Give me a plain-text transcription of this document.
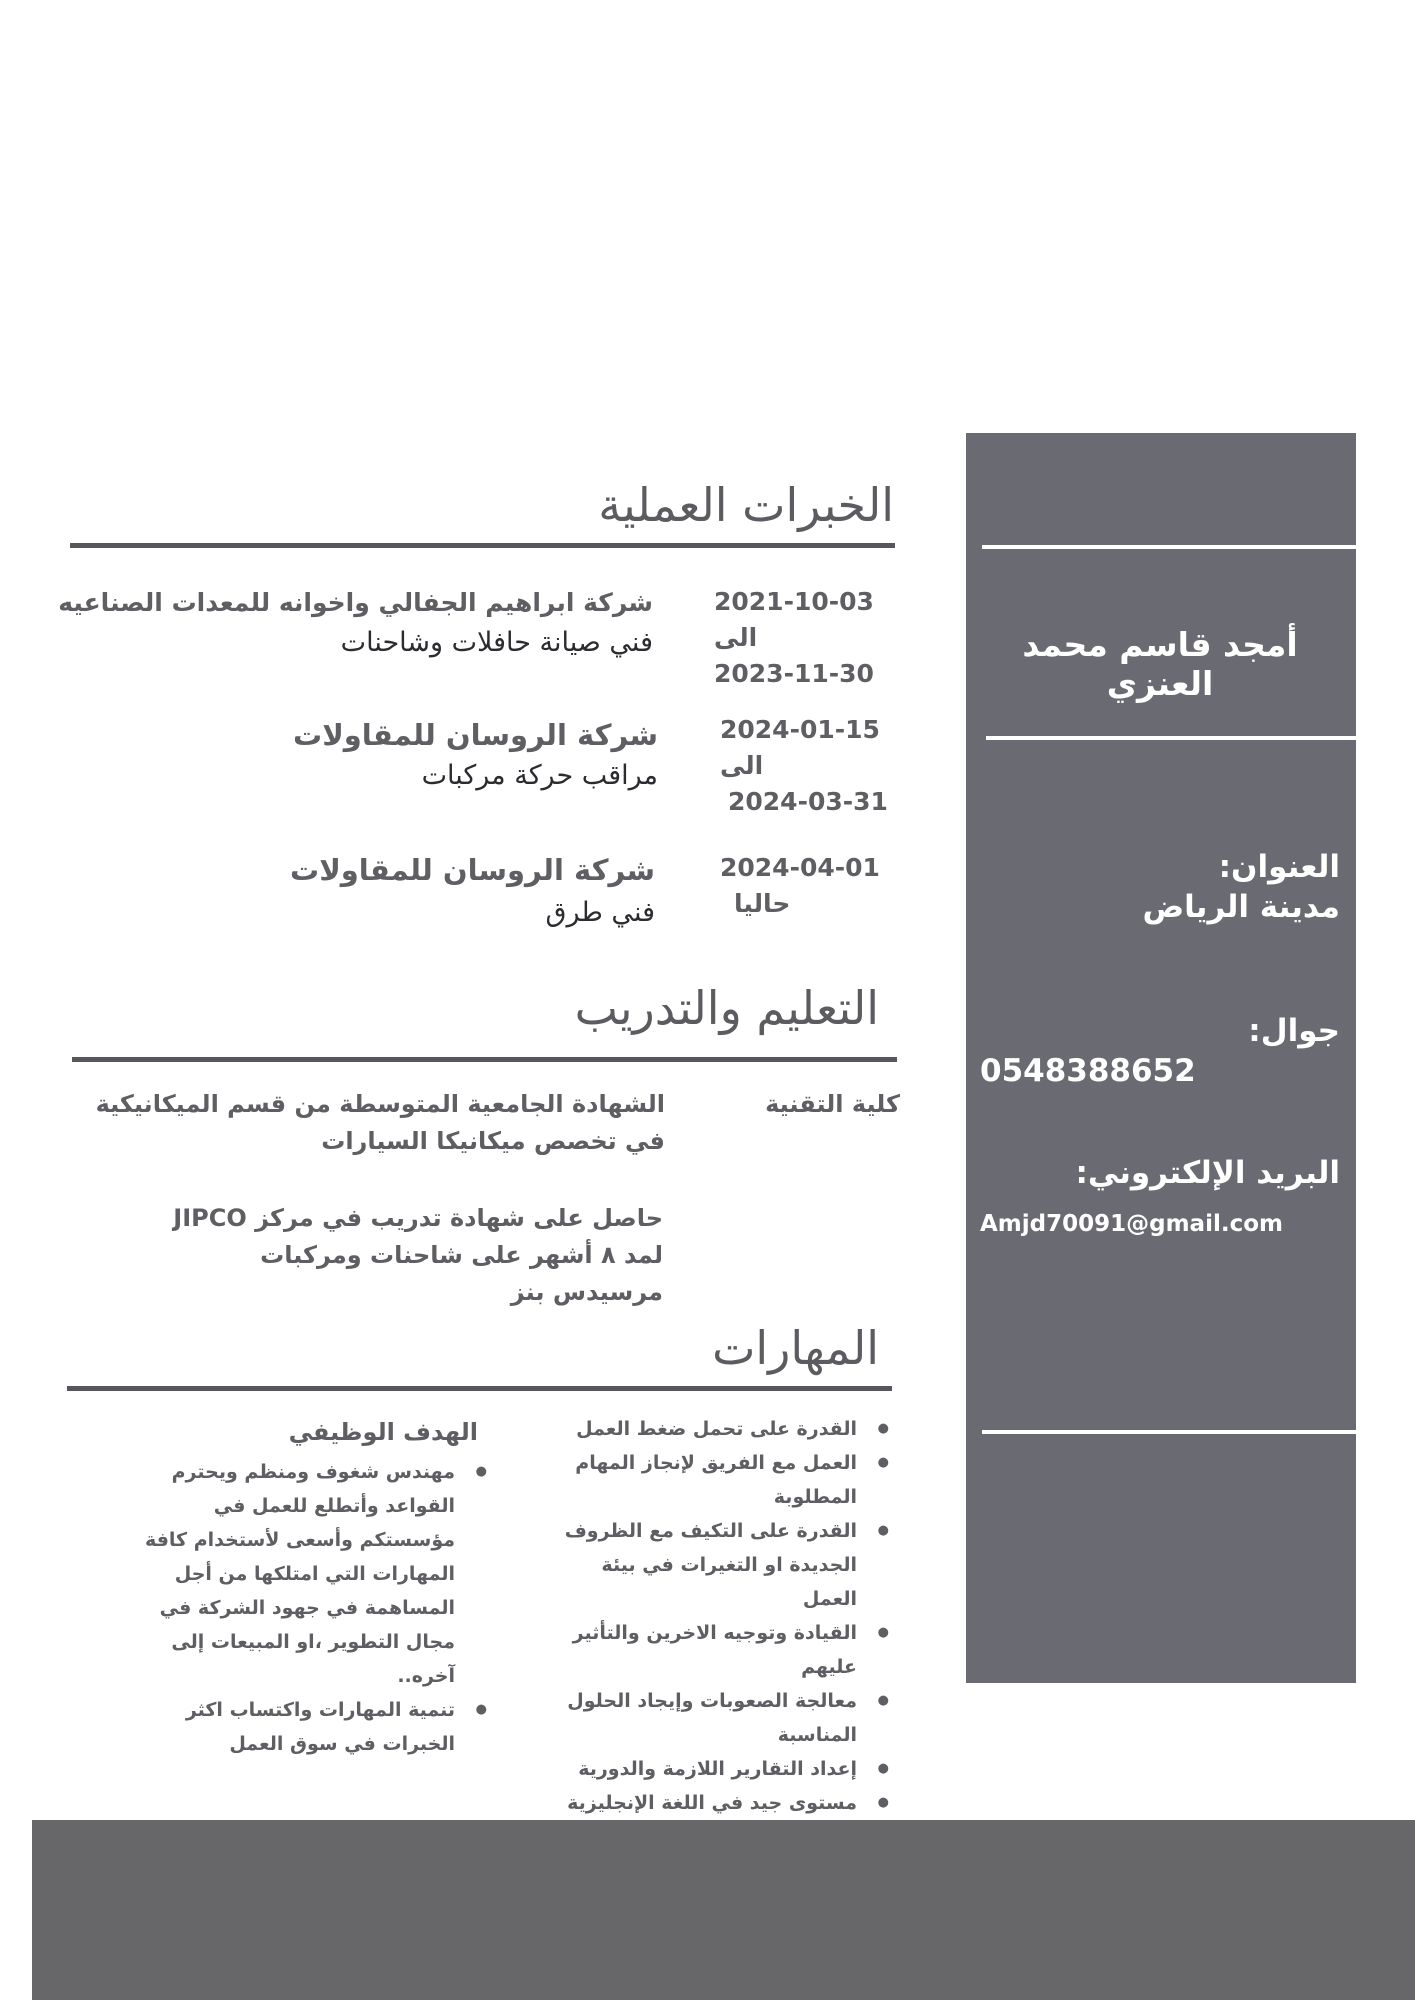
أمجد قاسم محمد العنزي
العنوان:
مدينة الرياض
جوال:
0548388652
البريد الإلكتروني:
Amjd70091@gmail.com
الخبرات العملية
شركة ابراهيم الجفالي واخوانه للمعدات الصناعيه
فني صيانة حافلات وشاحنات
2021-10-03
الى
2023-11-30
شركة الروسان للمقاولات
مراقب حركة مركبات
2024-01-15
الى
2024-03-31
شركة الروسان للمقاولات
فني طرق
2024-04-01
حاليا
التعليم والتدريب
كلية التقنية
الشهادة الجامعية المتوسطة من قسم الميكانيكية
في تخصص ميكانيكا السيارات
حاصل على شهادة تدريب في مركز JIPCO
لمد ٨ أشهر على شاحنات ومركبات
مرسيدس بنز
المهارات
● القدرة على تحمل ضغط العمل
● العمل مع الفريق لإنجاز المهام المطلوبة
● القدرة على التكيف مع الظروف الجديدة او التغيرات في بيئة العمل
● القيادة وتوجيه الاخرين والتأثير عليهم
● معالجة الصعوبات وإيجاد الحلول المناسبة
● إعداد التقارير اللازمة والدورية
● مستوى جيد في اللغة الإنجليزية
الهدف الوظيفي
● مهندس شغوف ومنظم ويحترم القواعد وأتطلع للعمل في مؤسستكم وأسعى لأستخدام كافة المهارات التي امتلكها من أجل المساهمة في جهود الشركة في مجال التطوير ،او المبيعات إلى آخره..
● تنمية المهارات واكتساب اكثر الخبرات في سوق العمل
